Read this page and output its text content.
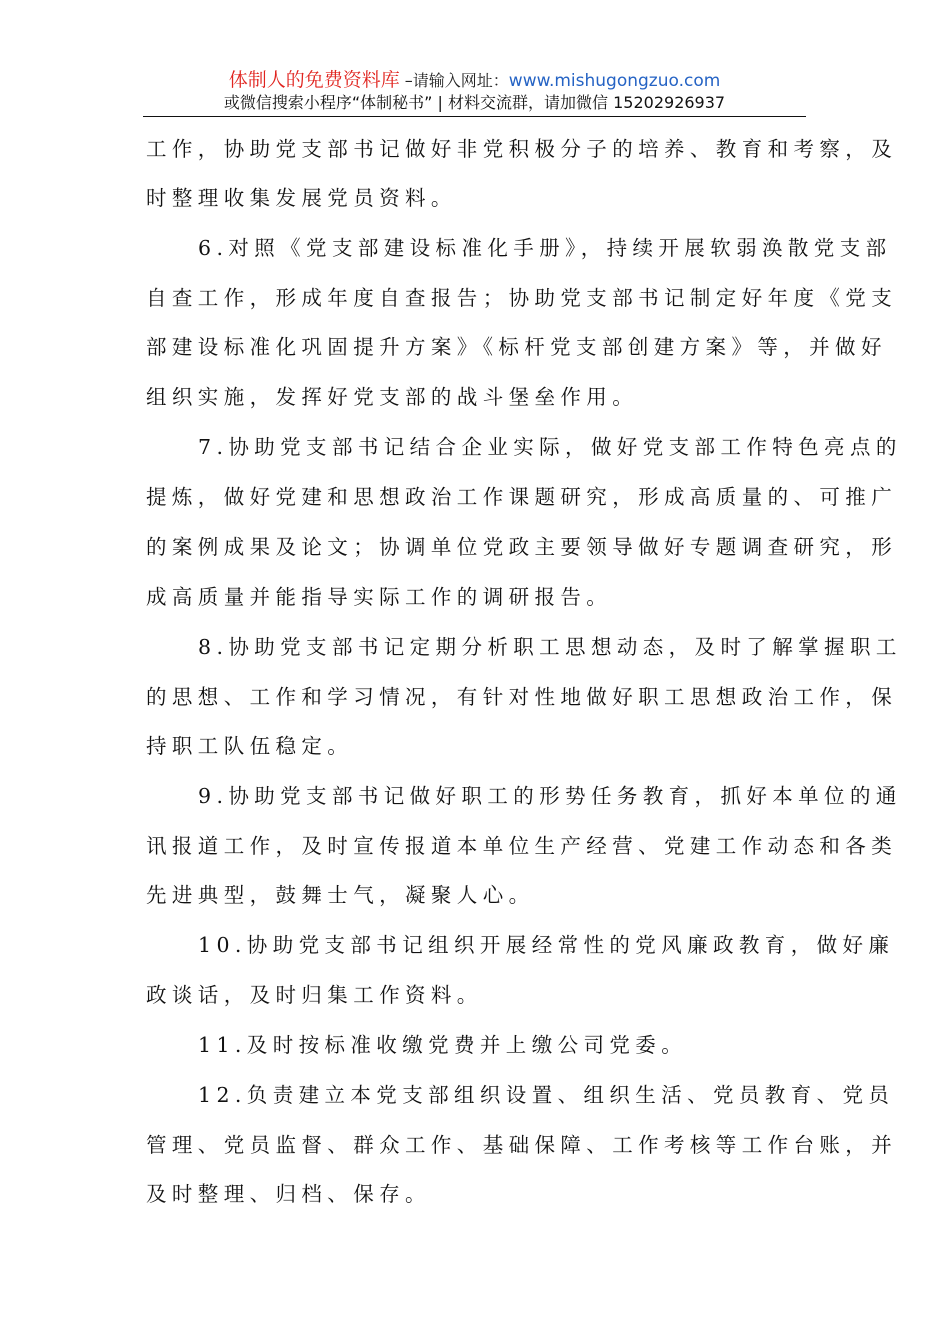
体制人的免费资料库 –请输入网址：www.mishugongzuo.com
或微信搜索小程序“体制秘书” | 材料交流群，请加微信 15202926937
工作，协助党支部书记做好非党积极分子的培养、教育和考察，及
时整理收集发展党员资料。
6.对照《党支部建设标准化手册》，持续开展软弱涣散党支部
自查工作，形成年度自查报告；协助党支部书记制定好年度《党支
部建设标准化巩固提升方案》《标杆党支部创建方案》等，并做好
组织实施，发挥好党支部的战斗堡垒作用。
7.协助党支部书记结合企业实际，做好党支部工作特色亮点的
提炼，做好党建和思想政治工作课题研究，形成高质量的、可推广
的案例成果及论文；协调单位党政主要领导做好专题调查研究，形
成高质量并能指导实际工作的调研报告。
8.协助党支部书记定期分析职工思想动态，及时了解掌握职工
的思想、工作和学习情况，有针对性地做好职工思想政治工作，保
持职工队伍稳定。
9.协助党支部书记做好职工的形势任务教育，抓好本单位的通
讯报道工作，及时宣传报道本单位生产经营、党建工作动态和各类
先进典型，鼓舞士气，凝聚人心。
10.协助党支部书记组织开展经常性的党风廉政教育，做好廉
政谈话，及时归集工作资料。
11.及时按标准收缴党费并上缴公司党委。
12.负责建立本党支部组织设置、组织生活、党员教育、党员
管理、党员监督、群众工作、基础保障、工作考核等工作台账，并
及时整理、归档、保存。
